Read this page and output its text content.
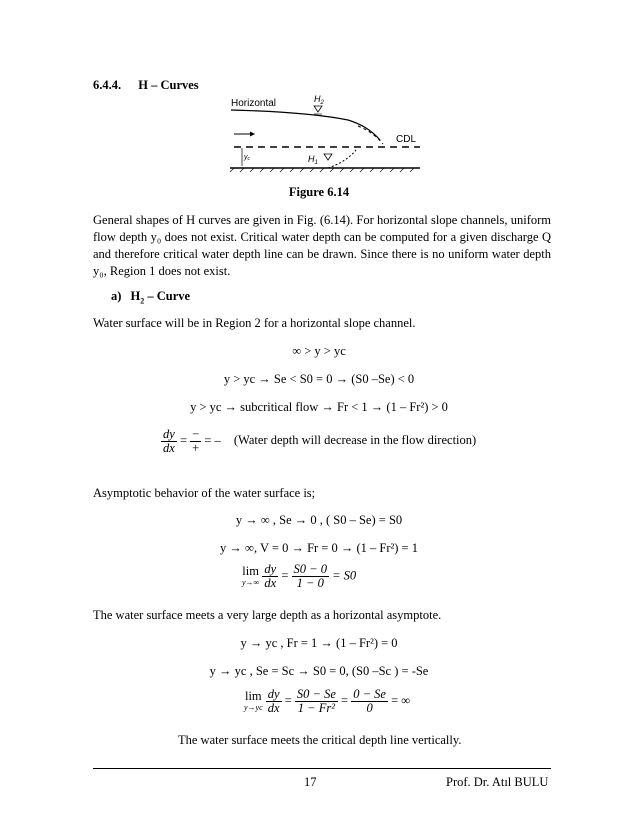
6.4.4. H – Curves
Horizontal	$H_2$
CDL
yc	$H_1$
Figure 6.14
General shapes of H curves are given in Fig. (6.14). For horizontal slope channels, uniform flow depth y₀ does not exist. Critical water depth can be computed for a given discharge Q and therefore critical water depth line can be drawn. Since there is no uniform water depth y₀, Region 1 does not exist.
a) $H_2$ – Curve
Water surface will be in Region 2 for a horizontal slope channel.
∞ > y > yc
y > yc → Se < S0 = 0 → (S0 –Se) < 0
y > yc → subcritical flow → Fr < 1 → (1 – Fr²) > 0
$\frac{dy}{dx} = \frac{-}{+}$ = – (Water depth will decrease in the flow direction)
Asymptotic behavior of the water surface is;
y → ∞ , Se → 0 , ( S0 – Se) = S0
y → ∞, V = 0 → Fr = 0 → (1 – Fr²) = 1
lim
y→∞
$\frac{dy}{dx} = \frac{S0 - 0}{1 - 0} = S0$
The water surface meets a very large depth as a horizontal asymptote.
y → yc , Fr = 1 → (1 – Fr²) = 0
y → yc , Se = Sc → S0 = 0, (S0 –Sc ) = -Se
lim
y→yc
$\frac{dy}{dx} = \frac{S0 - Se}{\text{1 − Fr²}} = \frac{0 - Se}{0}$ = ∞
The water surface meets the critical depth line vertically.
17	Prof. Dr. Atıl BULU
